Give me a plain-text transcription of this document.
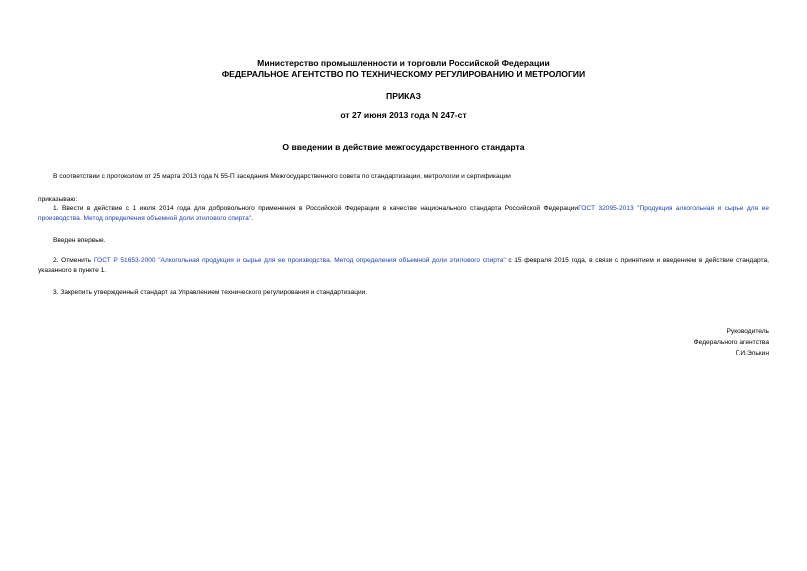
Министерство промышленности и торговли Российской Федерации
ФЕДЕРАЛЬНОЕ АГЕНТСТВО ПО ТЕХНИЧЕСКОМУ РЕГУЛИРОВАНИЮ И МЕТРОЛОГИИ
ПРИКАЗ
от 27 июня 2013 года N 247-ст
О введении в действие межгосударственного стандарта
В соответствии с протоколом от 25 марта 2013 года N 55-П заседания Межгосударственного совета по стандартизации, метрологии и сертификации
приказываю:
1. Ввести в действие с 1 июля 2014 года для добровольного применения в Российской Федерации в качестве национального стандарта Российской ФедерацииГОСТ 32095-2013 "Продукция алкогольная и сырье для ее производства. Метод определения объемной доли этилового спирта".
Введен впервые.
2. Отменить ГОСТ Р 51653-2000 "Алкогольная продукция и сырье для ее производства. Метод определения объемной доли этилового спирта" с 15 февраля 2015 года, в связи с принятием и введением в действие стандарта, указанного в пункте 1.
3. Закрепить утвержденный стандарт за Управлением технического регулирования и стандартизации.
Руководитель
Федерального агентства
Г.И.Элькин
